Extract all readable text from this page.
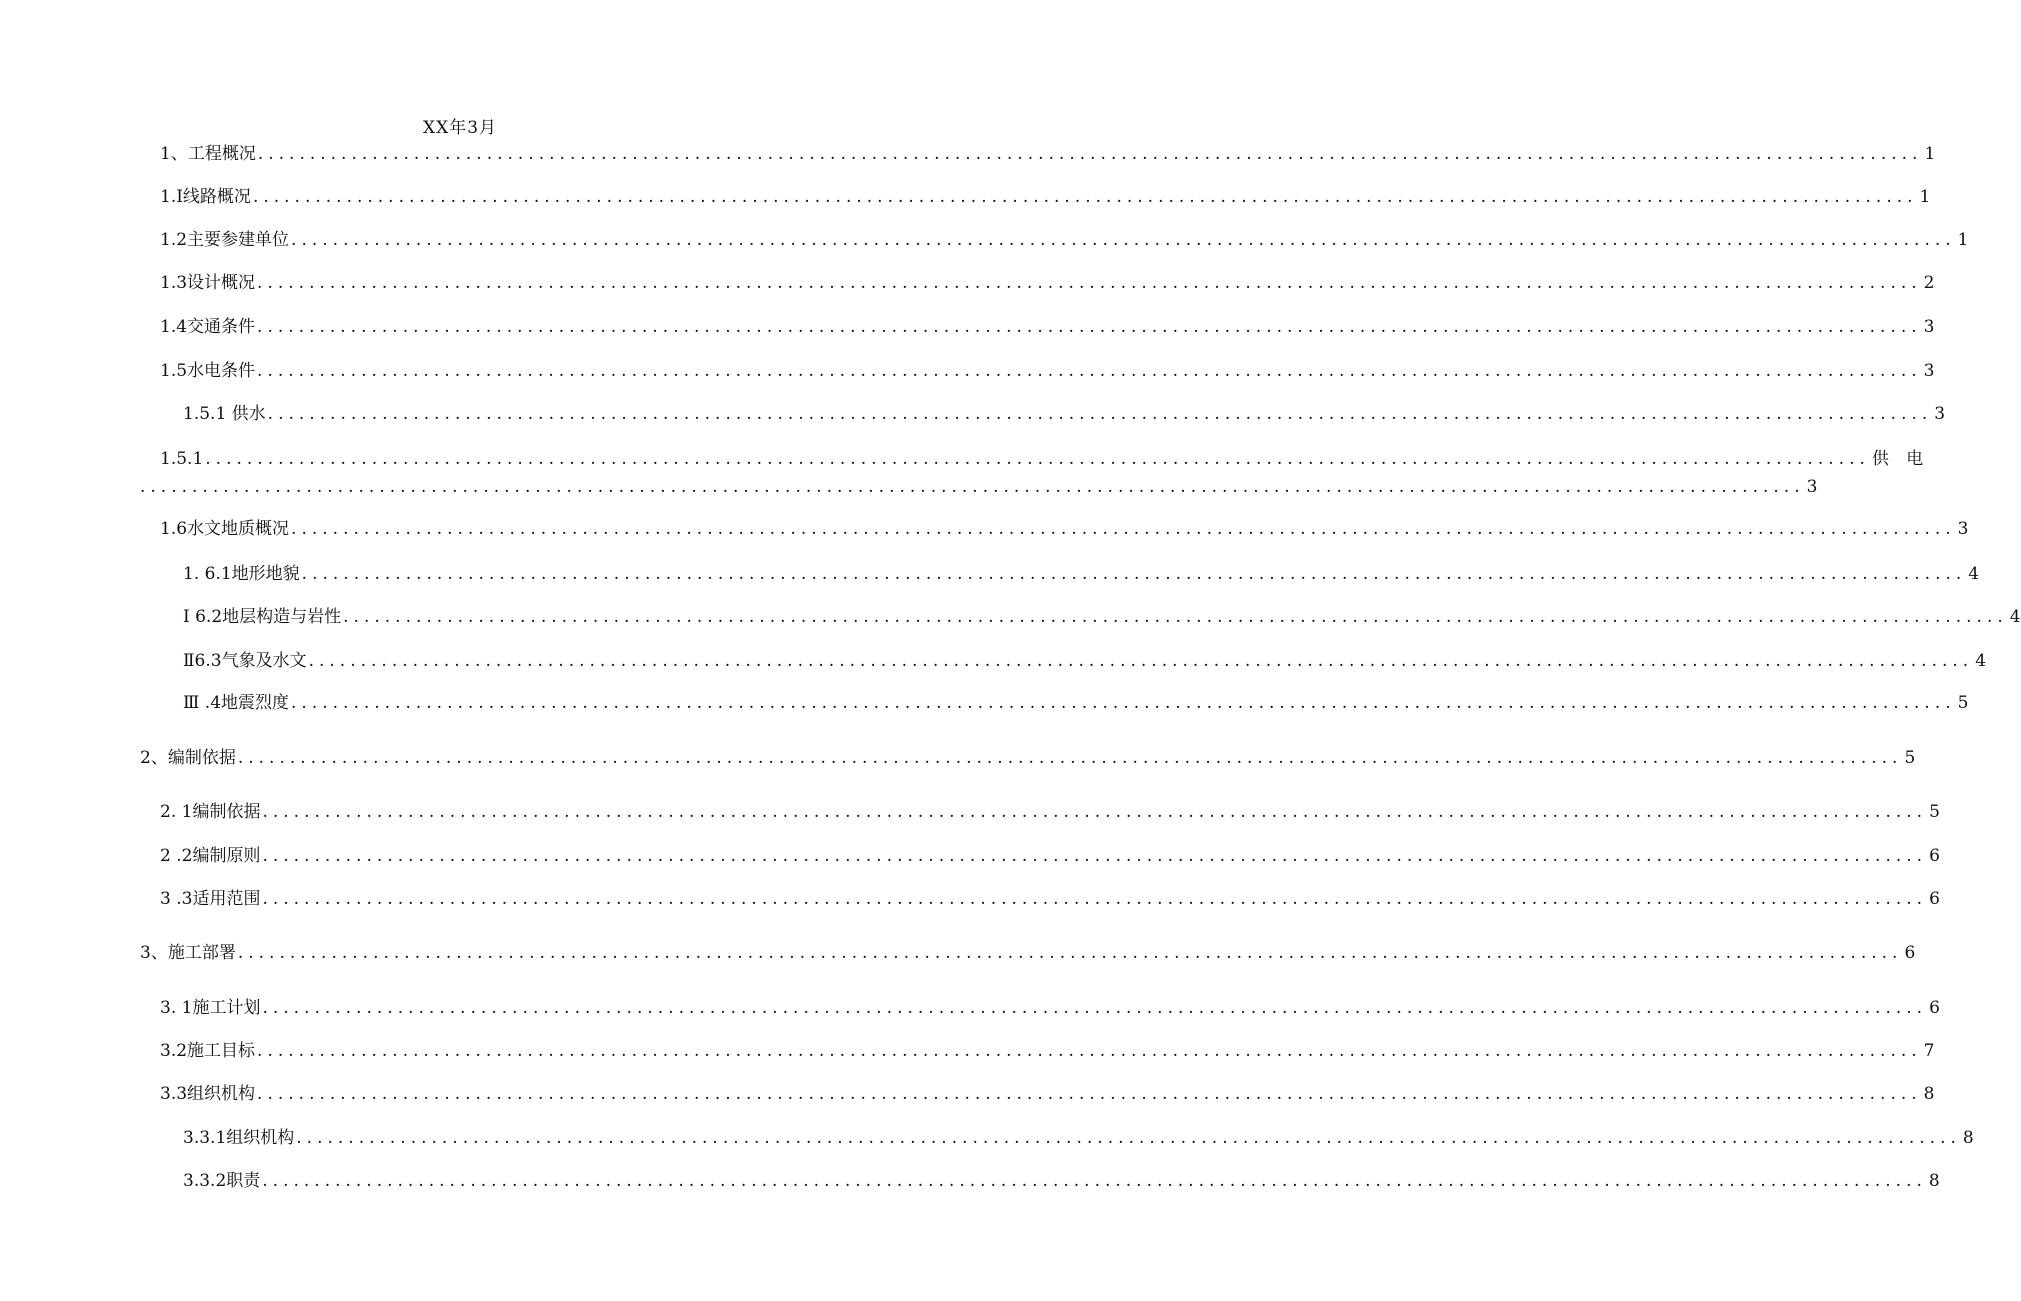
XX年3月
1、工程概况 ................................................................................................................................................................ 1
1.Ⅰ线路概况 ................................................................................................................................................................ 1
1.2主要参建单位 ................................................................................................................................................................ 1
1.3设计概况 ................................................................................................................................................................ 2
1.4交通条件 ................................................................................................................................................................ 3
1.5水电条件 ................................................................................................................................................................ 3
1.5.1 供水 ................................................................................................................................................................ 3
1.5.1 ................................................................................................................................................................ 供 电
................................................................................................................................................................ 3
1.6水文地质概况 ................................................................................................................................................................ 3
1. 6.1地形地貌 ................................................................................................................................................................ 4
Ⅰ 6.2地层构造与岩性 ................................................................................................................................................................ 4
Ⅱ6.3气象及水文 ................................................................................................................................................................ 4
Ⅲ .4地震烈度 ................................................................................................................................................................ 5
2、编制依据 ................................................................................................................................................................ 5
2. 1编制依据 ................................................................................................................................................................ 5
2 .2编制原则 ................................................................................................................................................................ 6
3 .3适用范围 ................................................................................................................................................................ 6
3、施工部署 ................................................................................................................................................................ 6
3. 1施工计划 ................................................................................................................................................................ 6
3.2施工目标 ................................................................................................................................................................ 7
3.3组织机构 ................................................................................................................................................................ 8
3.3.1组织机构 ................................................................................................................................................................ 8
3.3.2职责 ................................................................................................................................................................ 8
